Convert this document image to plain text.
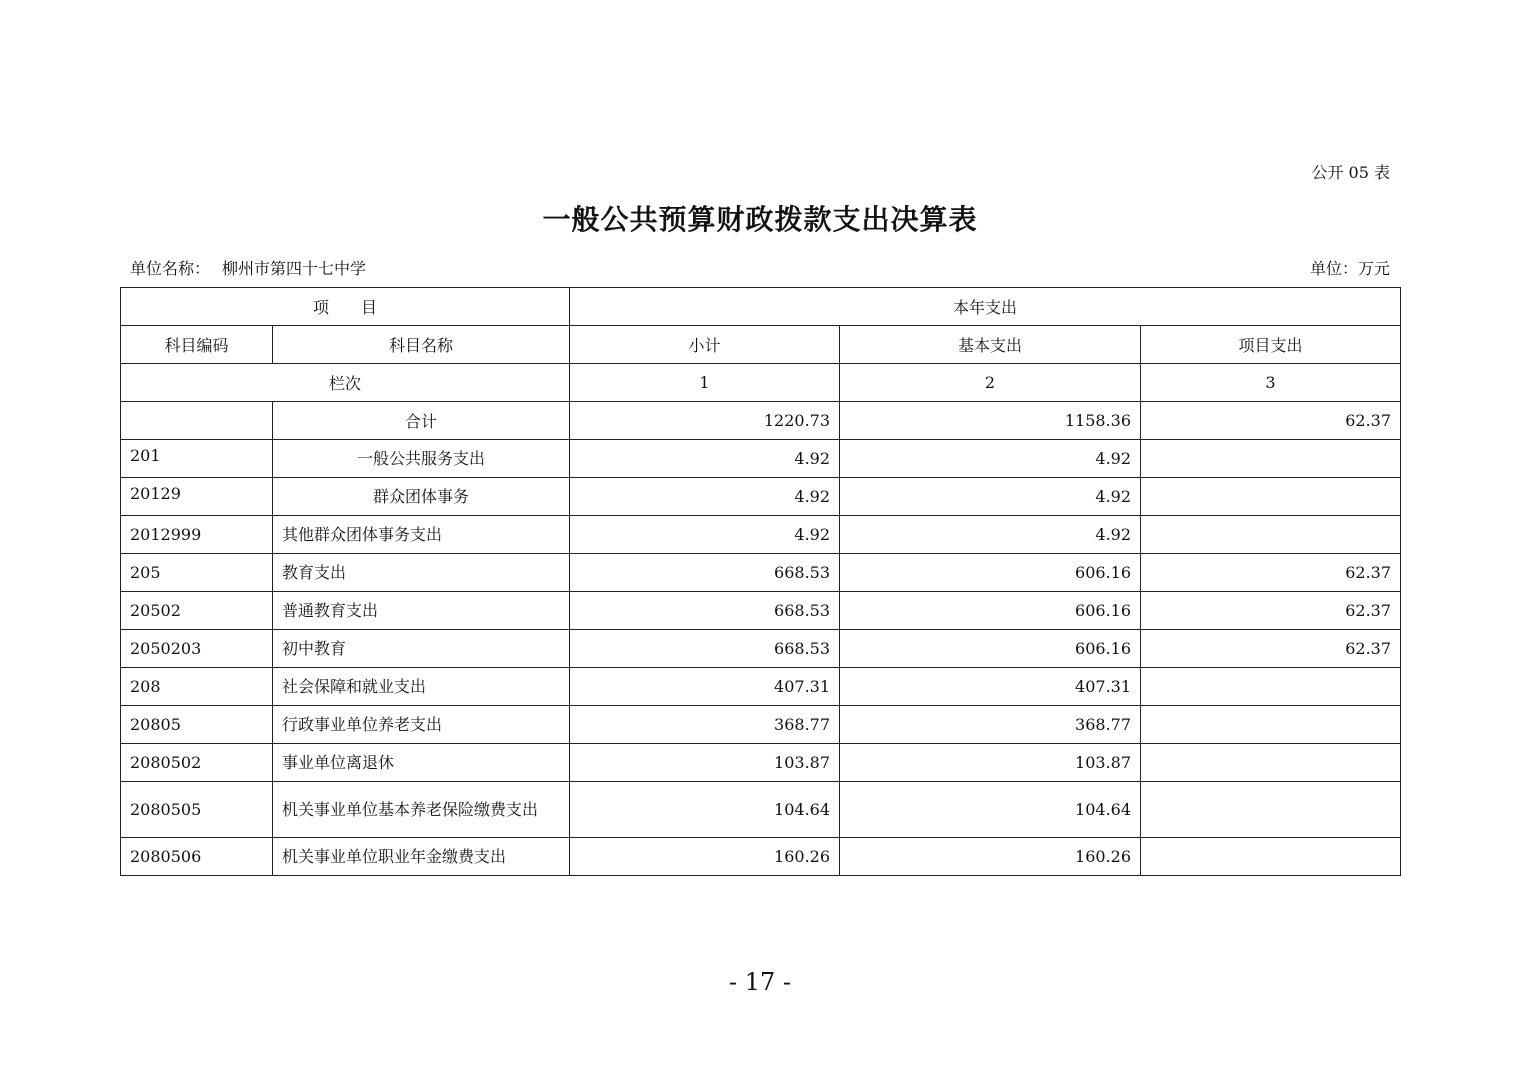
公开 05 表
一般公共预算财政拨款支出决算表
单位名称： 柳州市第四十七中学	单位：万元
项　　目		本年支出		
科目编码	科目名称	小计	基本支出	项目支出
栏次		1	2	3
	合计	1220.73	1158.36	62.37
201	一般公共服务支出	4.92	4.92	
20129	群众团体事务	4.92	4.92	
2012999	其他群众团体事务支出	4.92	4.92	
205	教育支出	668.53	606.16	62.37
20502	普通教育支出	668.53	606.16	62.37
2050203	初中教育	668.53	606.16	62.37
208	社会保障和就业支出	407.31	407.31	
20805	行政事业单位养老支出	368.77	368.77	
2080502	事业单位离退休	103.87	103.87	
2080505	机关事业单位基本养老保险缴费支出	104.64	104.64	
2080506	机关事业单位职业年金缴费支出	160.26	160.26	
- 17 -
